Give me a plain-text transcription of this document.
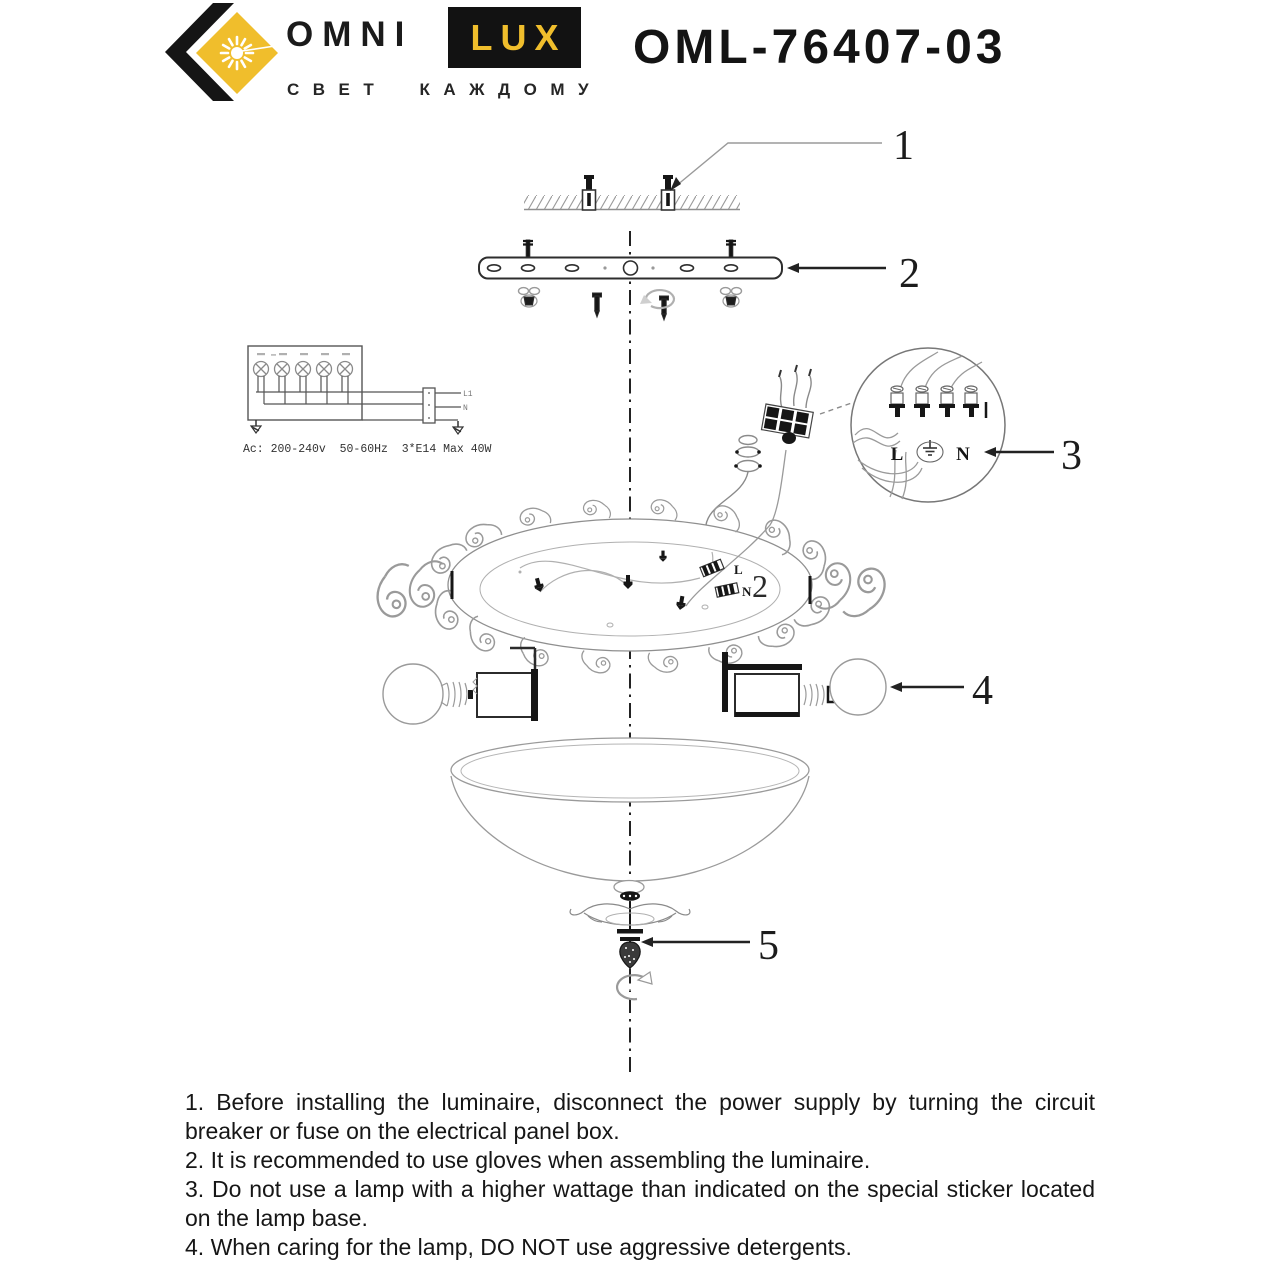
OMNI	LUX
СВЕТ КАЖДОМУ
OML-76407-03
1
2
L1
N
Ac: 200-240v  50-60Hz  3*E14 Max 40W	L	N 3
L
N 2
4
5

1. Before installing the luminaire, disconnect the power supply by turning the circuit breaker or fuse on the electrical panel box.

2. It is recommended to use gloves when assembling the luminaire.

3. Do not use a lamp with a higher wattage than indicated on the special sticker located on the lamp base.

4. When caring for the lamp, DO NOT use aggressive detergents.
